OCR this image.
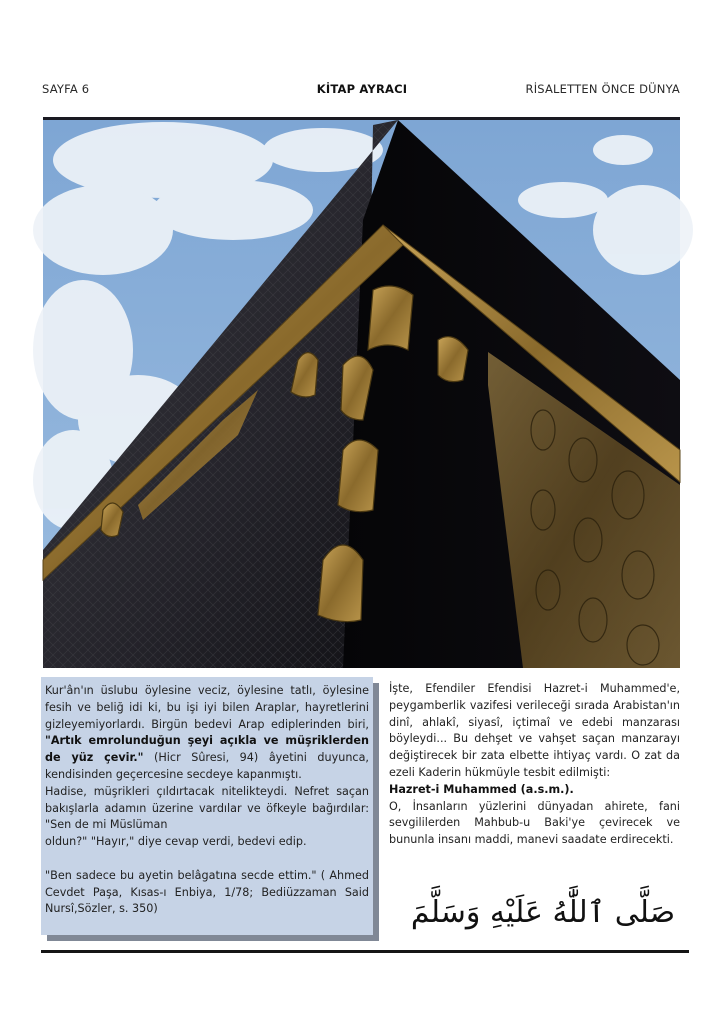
SAYFA 6	KİTAP AYRACI	RİSALETTEN ÖNCE DÜNYA

Kur'ân'ın üslubu öylesine veciz, öylesine tatlı, öylesine fesih ve beliğ idi ki, bu işi iyi bilen Araplar, hayretlerini gizleyemiyorlardı. Birgün bedevi Arap ediplerinden biri, "Artık emrolunduğun şeyi açıkla ve müşriklerden de yüz çevir." (Hicr Sûresi, 94) âyetini duyunca, kendisinden geçercesine secdeye kapanmıştı.

Hadise, müşrikleri çıldırtacak nitelikteydi. Nefret saçan bakışlarla adamın üzerine vardılar ve öfkeyle bağırdılar: "Sen de mi Müslüman
oldun?" "Hayır," diye cevap verdi, bedevi edip.

"Ben sadece bu ayetin belâgatına secde ettim." ( Ahmed Cevdet Paşa, Kısas-ı Enbiya, 1/78; Bediüzzaman Said Nursî,Sözler, s. 350)

İşte, Efendiler Efendisi Hazret-i Muhammed'e, peygamberlik vazifesi verileceği sırada Arabistan'ın dinî, ahlakî, siyasî, içtimaî ve edebi manzarası böyleydi... Bu dehşet ve vahşet saçan manzarayı değiştirecek bir zata elbette ihtiyaç vardı. O zat da ezeli Kaderin hükmüyle tesbit edilmişti:

Hazret-i Muhammed (a.s.m.).

O, İnsanların yüzlerini dünyadan ahirete, fani sevgililerden Mahbub-u Baki'ye çevirecek ve bununla insanı maddi, manevi saadate erdirecekti.

صَلَّى ٱللَّٰهُ عَلَيْهِ وَسَلَّمَ
